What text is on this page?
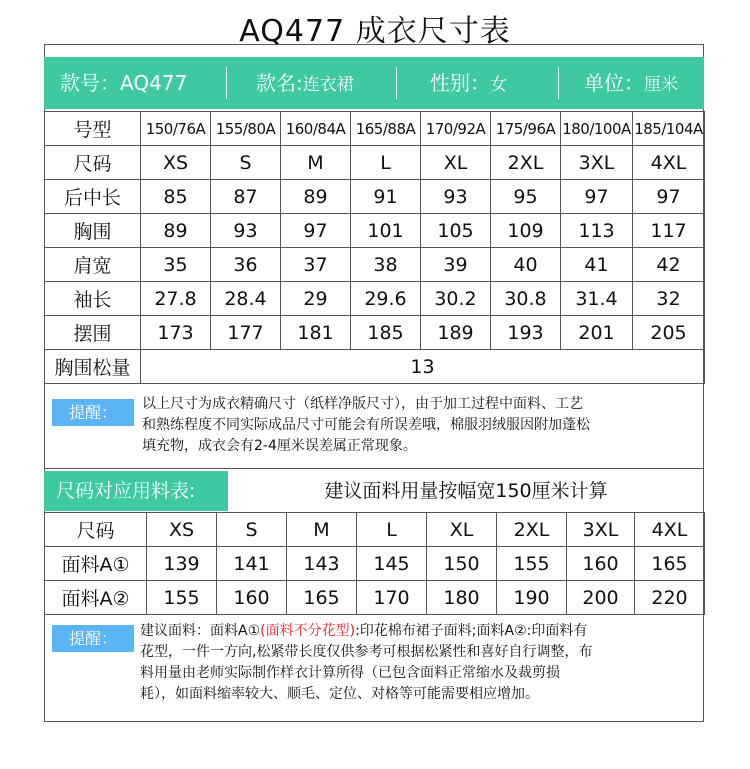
AQ477 成衣尺寸表
款号：AQ477	款名:连衣裙	性别：女	单位：厘米
号型	150/76A	155/80A	160/84A	165/88A	170/92A	175/96A	180/100A	185/104A
尺码	XS	S	M	L	XL	2XL	3XL	4XL
后中长	85	87	89	91	93	95	97	97
胸围	89	93	97	101	105	109	113	117
肩宽	35	36	37	38	39	40	41	42
袖长	27.8	28.4	29	29.6	30.2	30.8	31.4	32
摆围	173	177	181	185	189	193	201	205
胸围松量	13							
提醒：	以上尺寸为成衣精确尺寸（纸样净版尺寸），由于加工过程中面料、工艺
和熟练程度不同实际成品尺寸可能会有所误差哦，棉服羽绒服因附加蓬松
填充物，成衣会有2-4厘米误差属正常现象。
尺码对应用料表:	建议面料用量按幅宽150厘米计算
尺码	XS	S	M	L	XL	2XL	3XL	4XL
面料A①	139	141	143	145	150	155	160	165
面料A②	155	160	165	170	180	190	200	220
提醒：	建议面料：面料A①(面料不分花型):印花棉布裙子面料;面料A②:印面料有
花型，一件一方向,松紧带长度仅供参考可根据松紧性和喜好自行调整，布
料用量由老师实际制作样衣计算所得（已包含面料正常缩水及裁剪损
耗），如面料缩率较大、顺毛、定位、对格等可能需要相应增加。
